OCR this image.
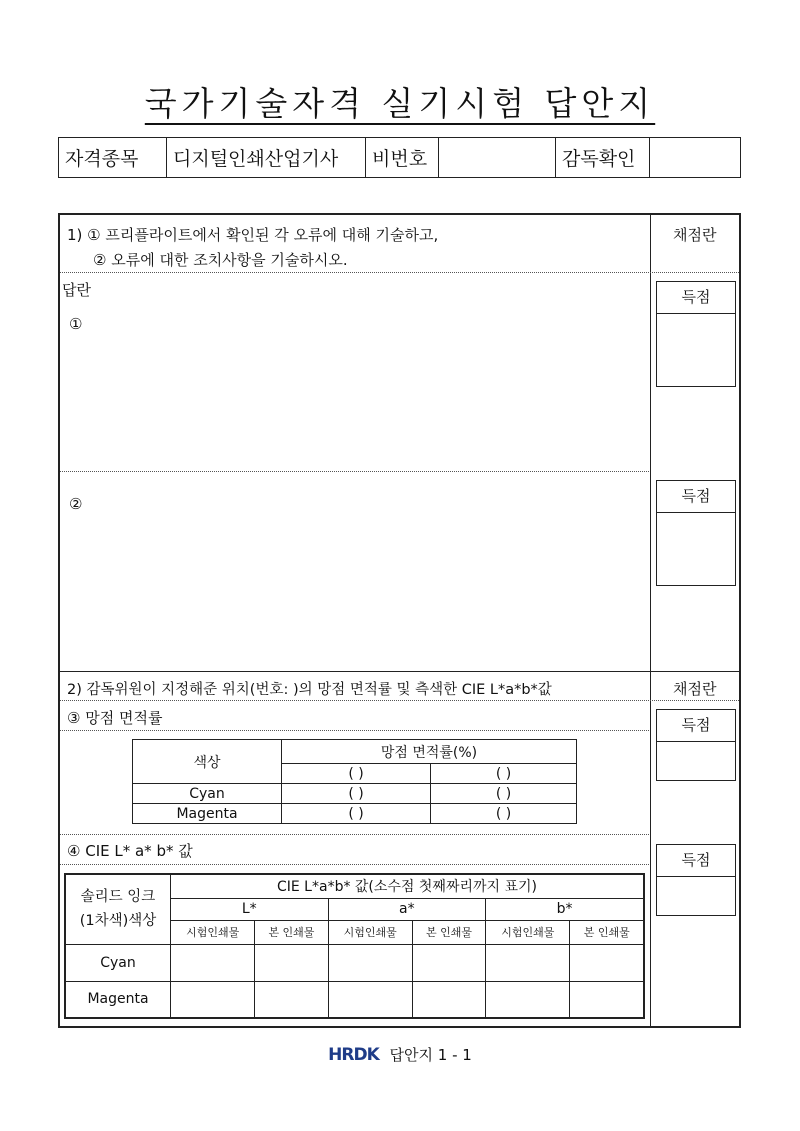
국가기술자격 실기시험 답안지
자격종목	디지털인쇄산업기사	비번호		감독확인	
1) ① 프리플라이트에서 확인된 각 오류에 대해 기술하고,
② 오류에 대한 조치사항을 기술하시오.
채점란
답란
①
득점
②	득점
2) 감독위원이 지정해준 위치(번호: )의 망점 면적률 및 측색한 CIE L*a*b*값	채점란
③ 망점 면적률	득점
색상	망점 면적률(%)	
	( )	( )
Cyan	( )	( )
Magenta	( )	( )
④ CIE L* a* b* 값	득점
솔리드 잉크
(1차색)색상	CIE L*a*b* 값(소수점 첫째짜리까지 표기)					
	L*		a*		b*	
	시험인쇄물	본 인쇄물	시험인쇄물	본 인쇄물	시험인쇄물	본 인쇄물
Cyan						
Magenta						
HRDK 답안지 1 - 1
